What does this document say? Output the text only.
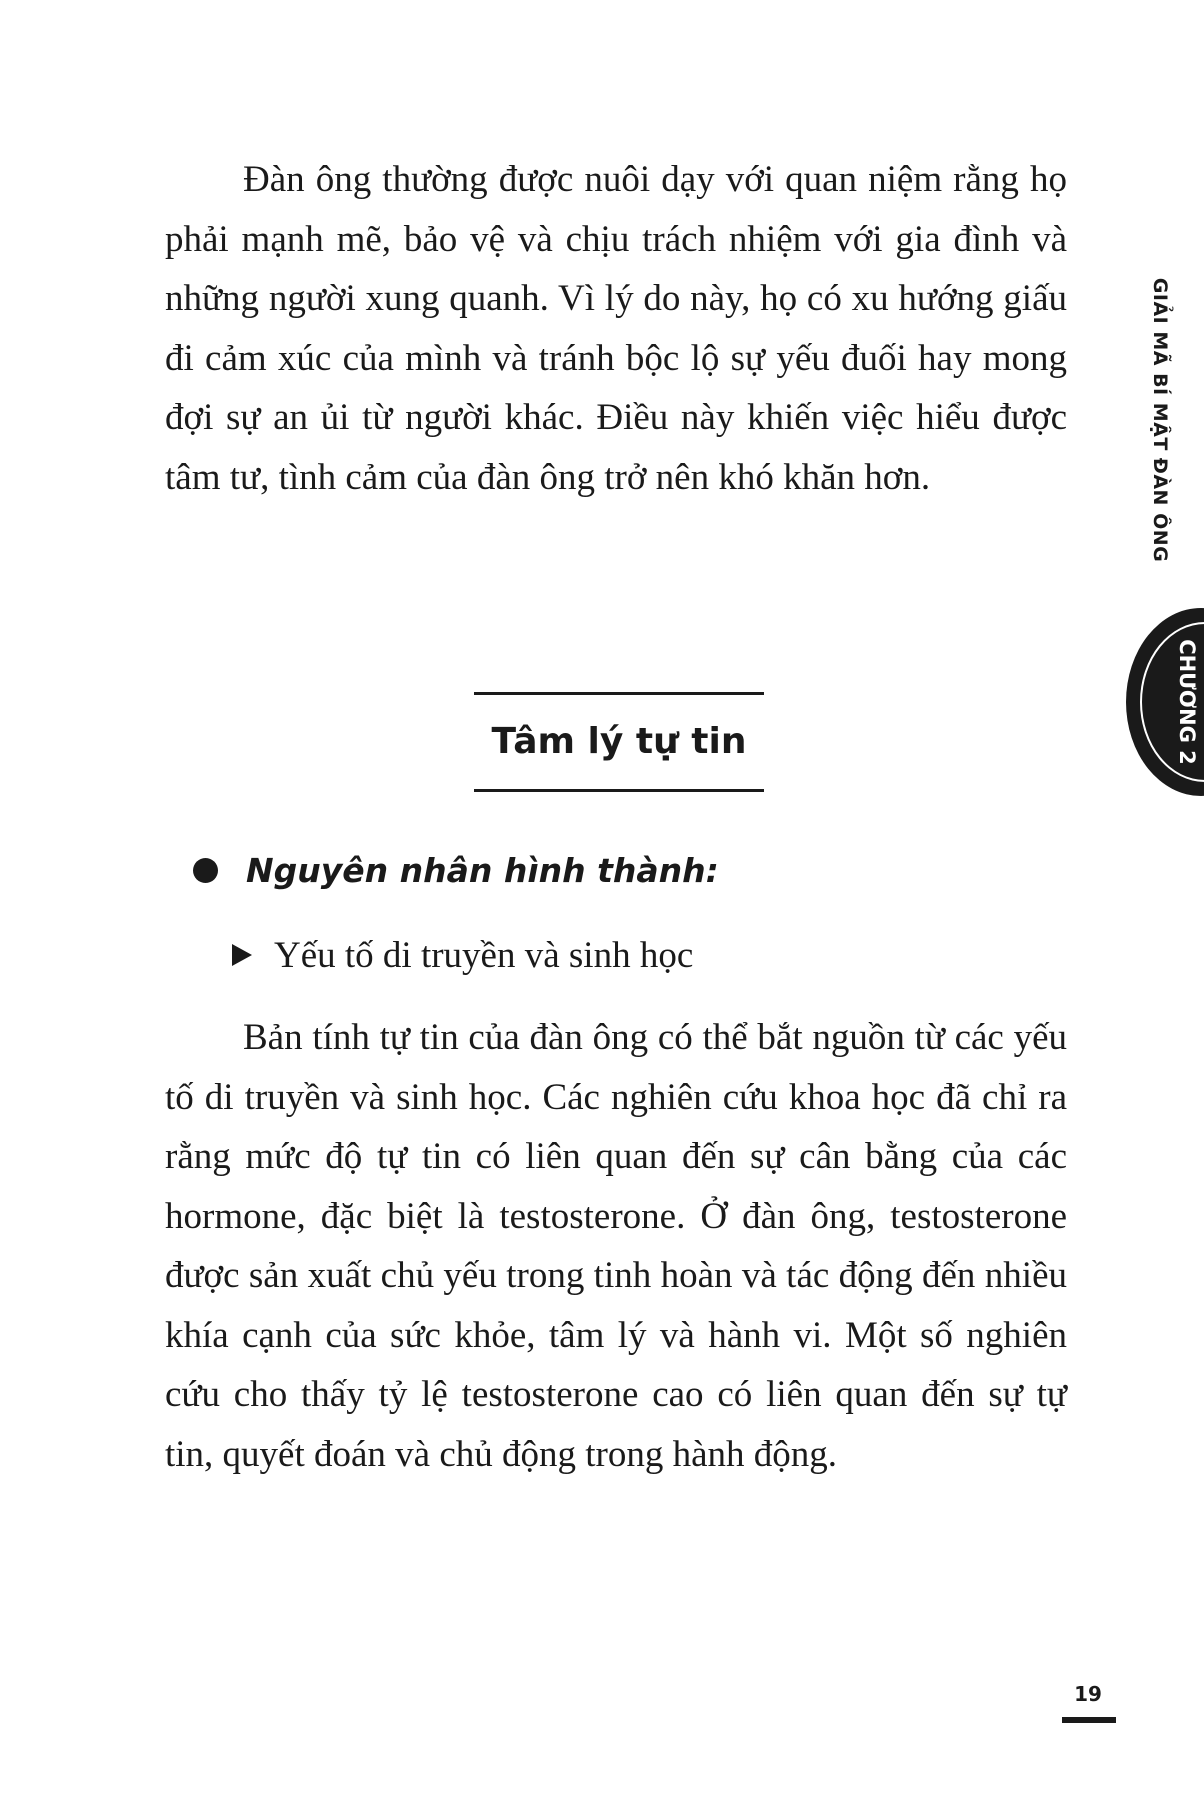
Đàn ông thường được nuôi dạy với quan niệm rằng họ phải mạnh mẽ, bảo vệ và chịu trách nhiệm với gia đình và những người xung quanh. Vì lý do này, họ có xu hướng giấu đi cảm xúc của mình và tránh bộc lộ sự yếu đuối hay mong đợi sự an ủi từ người khác. Điều này khiến việc hiểu được tâm tư, tình cảm của đàn ông trở nên khó khăn hơn.

Tâm lý tự tin
Nguyên nhân hình thành:
Yếu tố di truyền và sinh học

Bản tính tự tin của đàn ông có thể bắt nguồn từ các yếu tố di truyền và sinh học. Các nghiên cứu khoa học đã chỉ ra rằng mức độ tự tin có liên quan đến sự cân bằng của các hormone, đặc biệt là testosterone. Ở đàn ông, testosterone được sản xuất chủ yếu trong tinh hoàn và tác động đến nhiều khía cạnh của sức khỏe, tâm lý và hành vi. Một số nghiên cứu cho thấy tỷ lệ testosterone cao có liên quan đến sự tự tin, quyết đoán và chủ động trong hành động.

GIẢI MÃ BÍ MẬT ĐÀN ÔNG
CHƯƠNG 2
19
